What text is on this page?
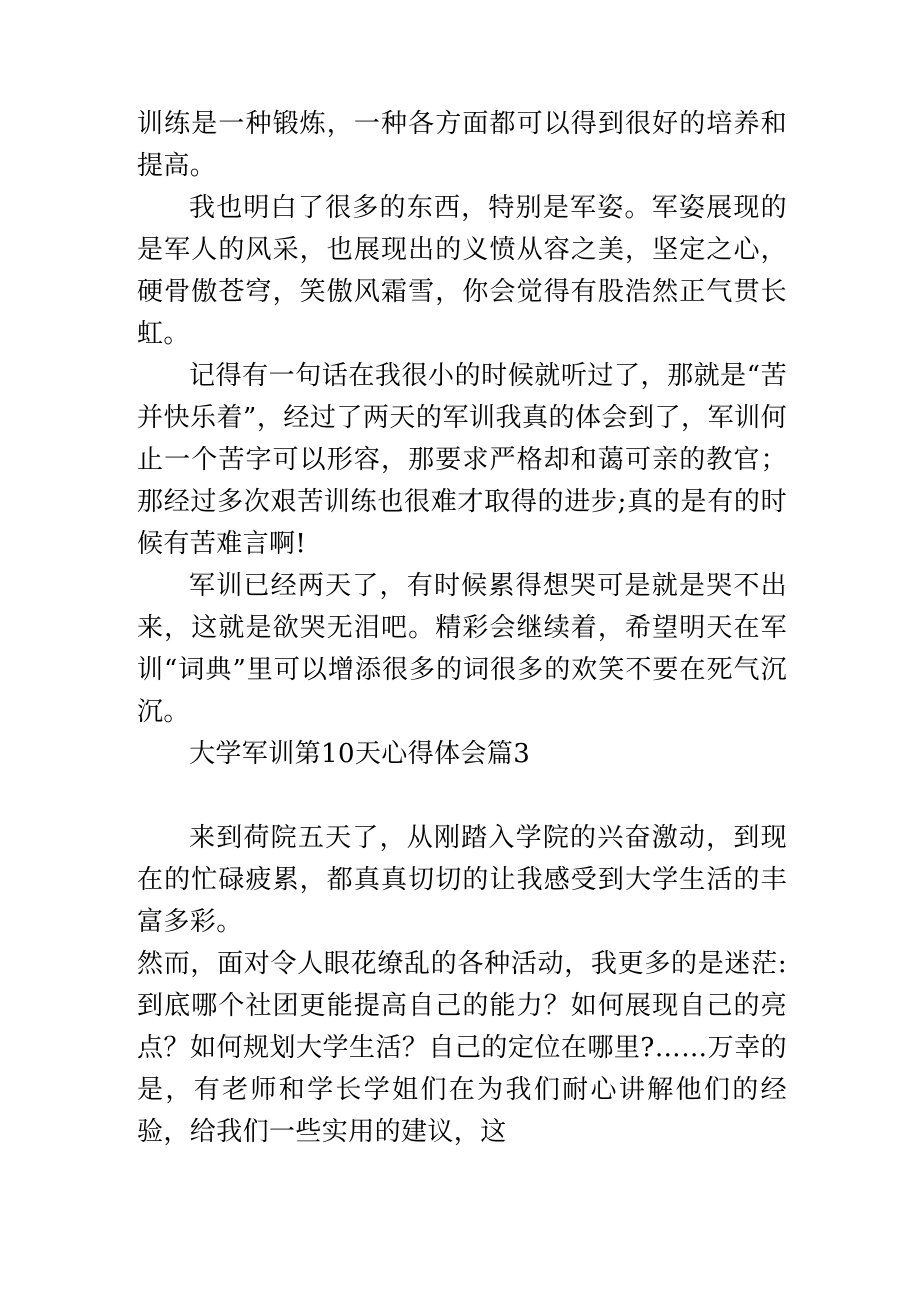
训练是一种锻炼，一种各方面都可以得到很好的培养和提高。

我也明白了很多的东西，特别是军姿。军姿展现的是军人的风采，也展现出的义愤从容之美，坚定之心，硬骨傲苍穹，笑傲风霜雪，你会觉得有股浩然正气贯长虹。

记得有一句话在我很小的时候就听过了，那就是“苦并快乐着”，经过了两天的军训我真的体会到了，军训何止一个苦字可以形容，那要求严格却和蔼可亲的教官；那经过多次艰苦训练也很难才取得的进步;真的是有的时候有苦难言啊!

军训已经两天了，有时候累得想哭可是就是哭不出来，这就是欲哭无泪吧。精彩会继续着，希望明天在军训“词典”里可以增添很多的词很多的欢笑不要在死气沉沉。

大学军训第10天心得体会篇3

来到荷院五天了，从刚踏入学院的兴奋激动，到现在的忙碌疲累，都真真切切的让我感受到大学生活的丰富多彩。

然而，面对令人眼花缭乱的各种活动，我更多的是迷茫:到底哪个社团更能提高自己的能力？如何展现自己的亮点？如何规划大学生活？自己的定位在哪里?……万幸的是，有老师和学长学姐们在为我们耐心讲解他们的经验，给我们一些实用的建议，这
